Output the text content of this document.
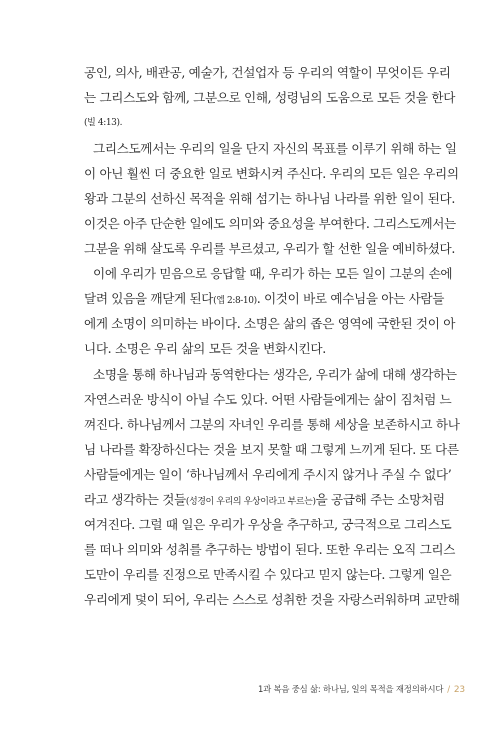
공인, 의사, 배관공, 예술가, 건설업자 등 우리의 역할이 무엇이든 우리
는 그리스도와 함께, 그분으로 인해, 성령님의 도움으로 모든 것을 한다
(빌 4:13).
그리스도께서는 우리의 일을 단지 자신의 목표를 이루기 위해 하는 일
이 아닌 훨씬 더 중요한 일로 변화시켜 주신다. 우리의 모든 일은 우리의
왕과 그분의 선하신 목적을 위해 섬기는 하나님 나라를 위한 일이 된다.
이것은 아주 단순한 일에도 의미와 중요성을 부여한다. 그리스도께서는
그분을 위해 살도록 우리를 부르셨고, 우리가 할 선한 일을 예비하셨다.
이에 우리가 믿음으로 응답할 때, 우리가 하는 모든 일이 그분의 손에
달려 있음을 깨닫게 된다(엡 2:8-10). 이것이 바로 예수님을 아는 사람들
에게 소명이 의미하는 바이다. 소명은 삶의 좁은 영역에 국한된 것이 아
니다. 소명은 우리 삶의 모든 것을 변화시킨다.
소명을 통해 하나님과 동역한다는 생각은, 우리가 삶에 대해 생각하는
자연스러운 방식이 아닐 수도 있다. 어떤 사람들에게는 삶이 짐처럼 느
껴진다. 하나님께서 그분의 자녀인 우리를 통해 세상을 보존하시고 하나
님 나라를 확장하신다는 것을 보지 못할 때 그렇게 느끼게 된다. 또 다른
사람들에게는 일이 ‘하나님께서 우리에게 주시지 않거나 주실 수 없다’
라고 생각하는 것들(성경이 우리의 우상이라고 부르는)을 공급해 주는 소망처럼
여겨진다. 그럴 때 일은 우리가 우상을 추구하고, 궁극적으로 그리스도
를 떠나 의미와 성취를 추구하는 방법이 된다. 또한 우리는 오직 그리스
도만이 우리를 진정으로 만족시킬 수 있다고 믿지 않는다. 그렇게 일은
우리에게 덫이 되어, 우리는 스스로 성취한 것을 자랑스러워하며 교만해
1과 복음 중심 삶: 하나님, 일의 목적을 재정의하시다 / 23
